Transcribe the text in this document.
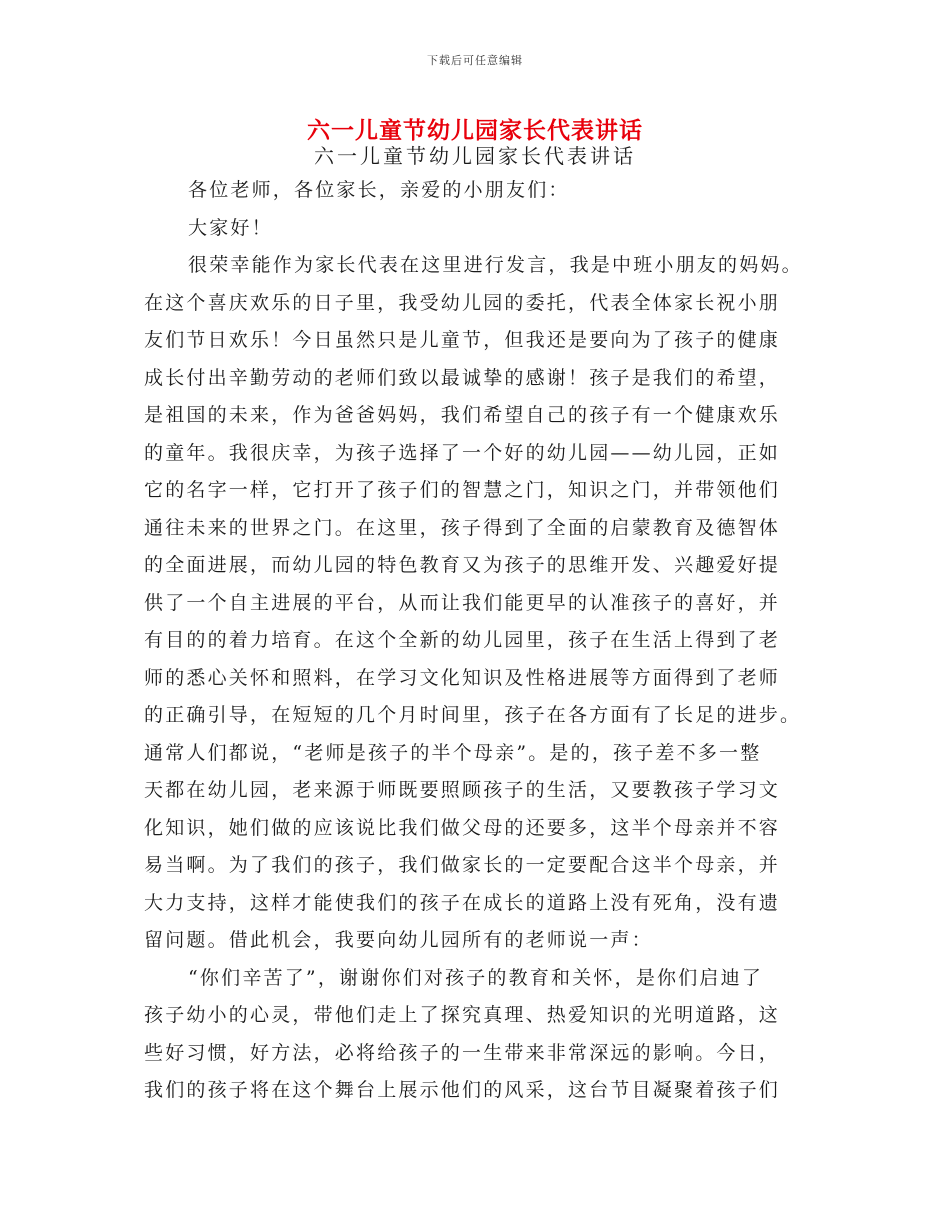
下载后可任意编辑
六一儿童节幼儿园家长代表讲话
六一儿童节幼儿园家长代表讲话
各位老师，各位家长，亲爱的小朋友们：
大家好！
很荣幸能作为家长代表在这里进行发言，我是中班小朋友的妈妈。
在这个喜庆欢乐的日子里，我受幼儿园的委托，代表全体家长祝小朋
友们节日欢乐！今日虽然只是儿童节，但我还是要向为了孩子的健康
成长付出辛勤劳动的老师们致以最诚挚的感谢！孩子是我们的希望，
是祖国的未来，作为爸爸妈妈，我们希望自己的孩子有一个健康欢乐
的童年。我很庆幸，为孩子选择了一个好的幼儿园——幼儿园，正如
它的名字一样，它打开了孩子们的智慧之门，知识之门，并带领他们
通往未来的世界之门。在这里，孩子得到了全面的启蒙教育及德智体
的全面进展，而幼儿园的特色教育又为孩子的思维开发、兴趣爱好提
供了一个自主进展的平台，从而让我们能更早的认准孩子的喜好，并
有目的的着力培育。在这个全新的幼儿园里，孩子在生活上得到了老
师的悉心关怀和照料，在学习文化知识及性格进展等方面得到了老师
的正确引导，在短短的几个月时间里，孩子在各方面有了长足的进步。
通常人们都说，“老师是孩子的半个母亲”。是的，孩子差不多一整
天都在幼儿园，老来源于师既要照顾孩子的生活，又要教孩子学习文
化知识，她们做的应该说比我们做父母的还要多，这半个母亲并不容
易当啊。为了我们的孩子，我们做家长的一定要配合这半个母亲，并
大力支持，这样才能使我们的孩子在成长的道路上没有死角，没有遗
留问题。借此机会，我要向幼儿园所有的老师说一声：
“你们辛苦了”，谢谢你们对孩子的教育和关怀，是你们启迪了
孩子幼小的心灵，带他们走上了探究真理、热爱知识的光明道路，这
些好习惯，好方法，必将给孩子的一生带来非常深远的影响。今日，
我们的孩子将在这个舞台上展示他们的风采，这台节目凝聚着孩子们
